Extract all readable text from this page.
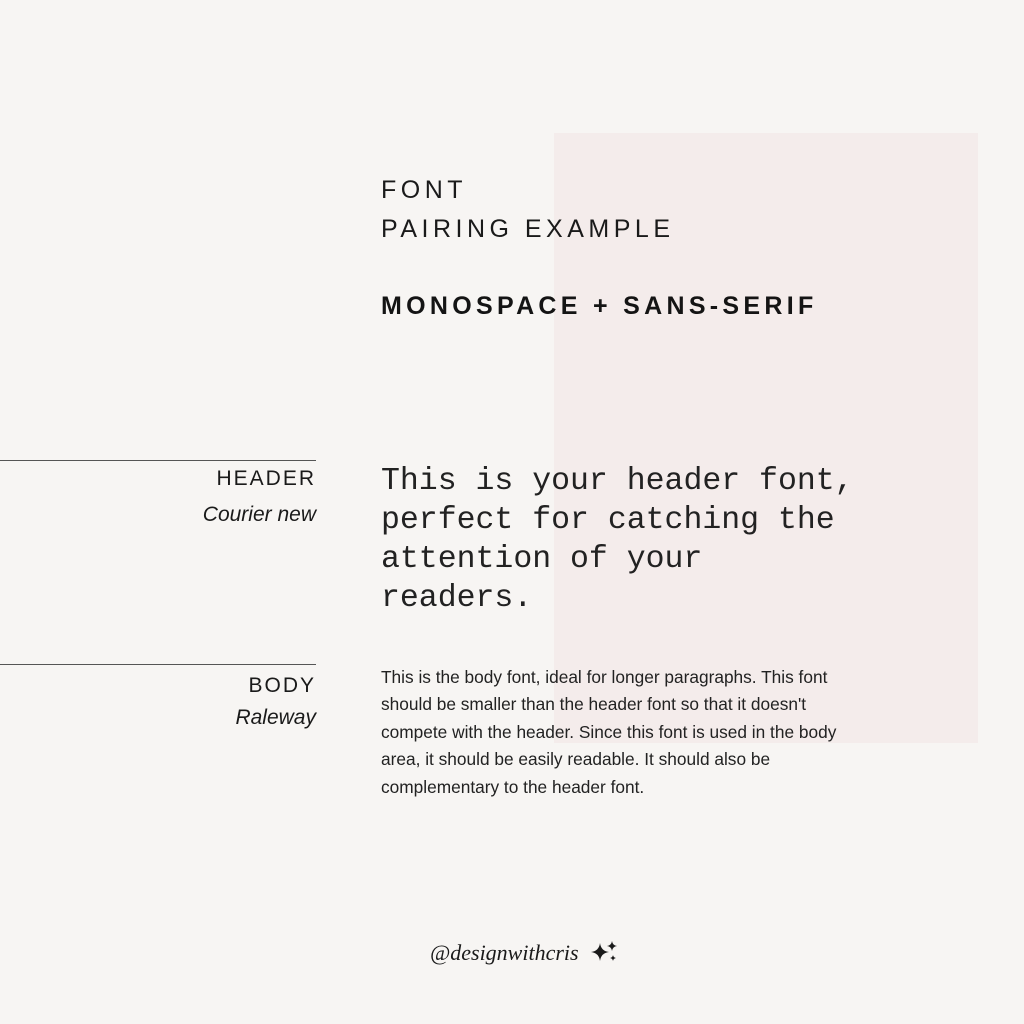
FONT
PAIRING EXAMPLE
MONOSPACE + SANS-SERIF
HEADER
Courier new
This is your header font, perfect for catching the attention of your readers.
BODY
Raleway
This is the body font, ideal for longer paragraphs. This font should be smaller than the header font so that it doesn't compete with the header. Since this font is used in the body area, it should be easily readable. It should also be complementary to the header font.
@designwithcris
